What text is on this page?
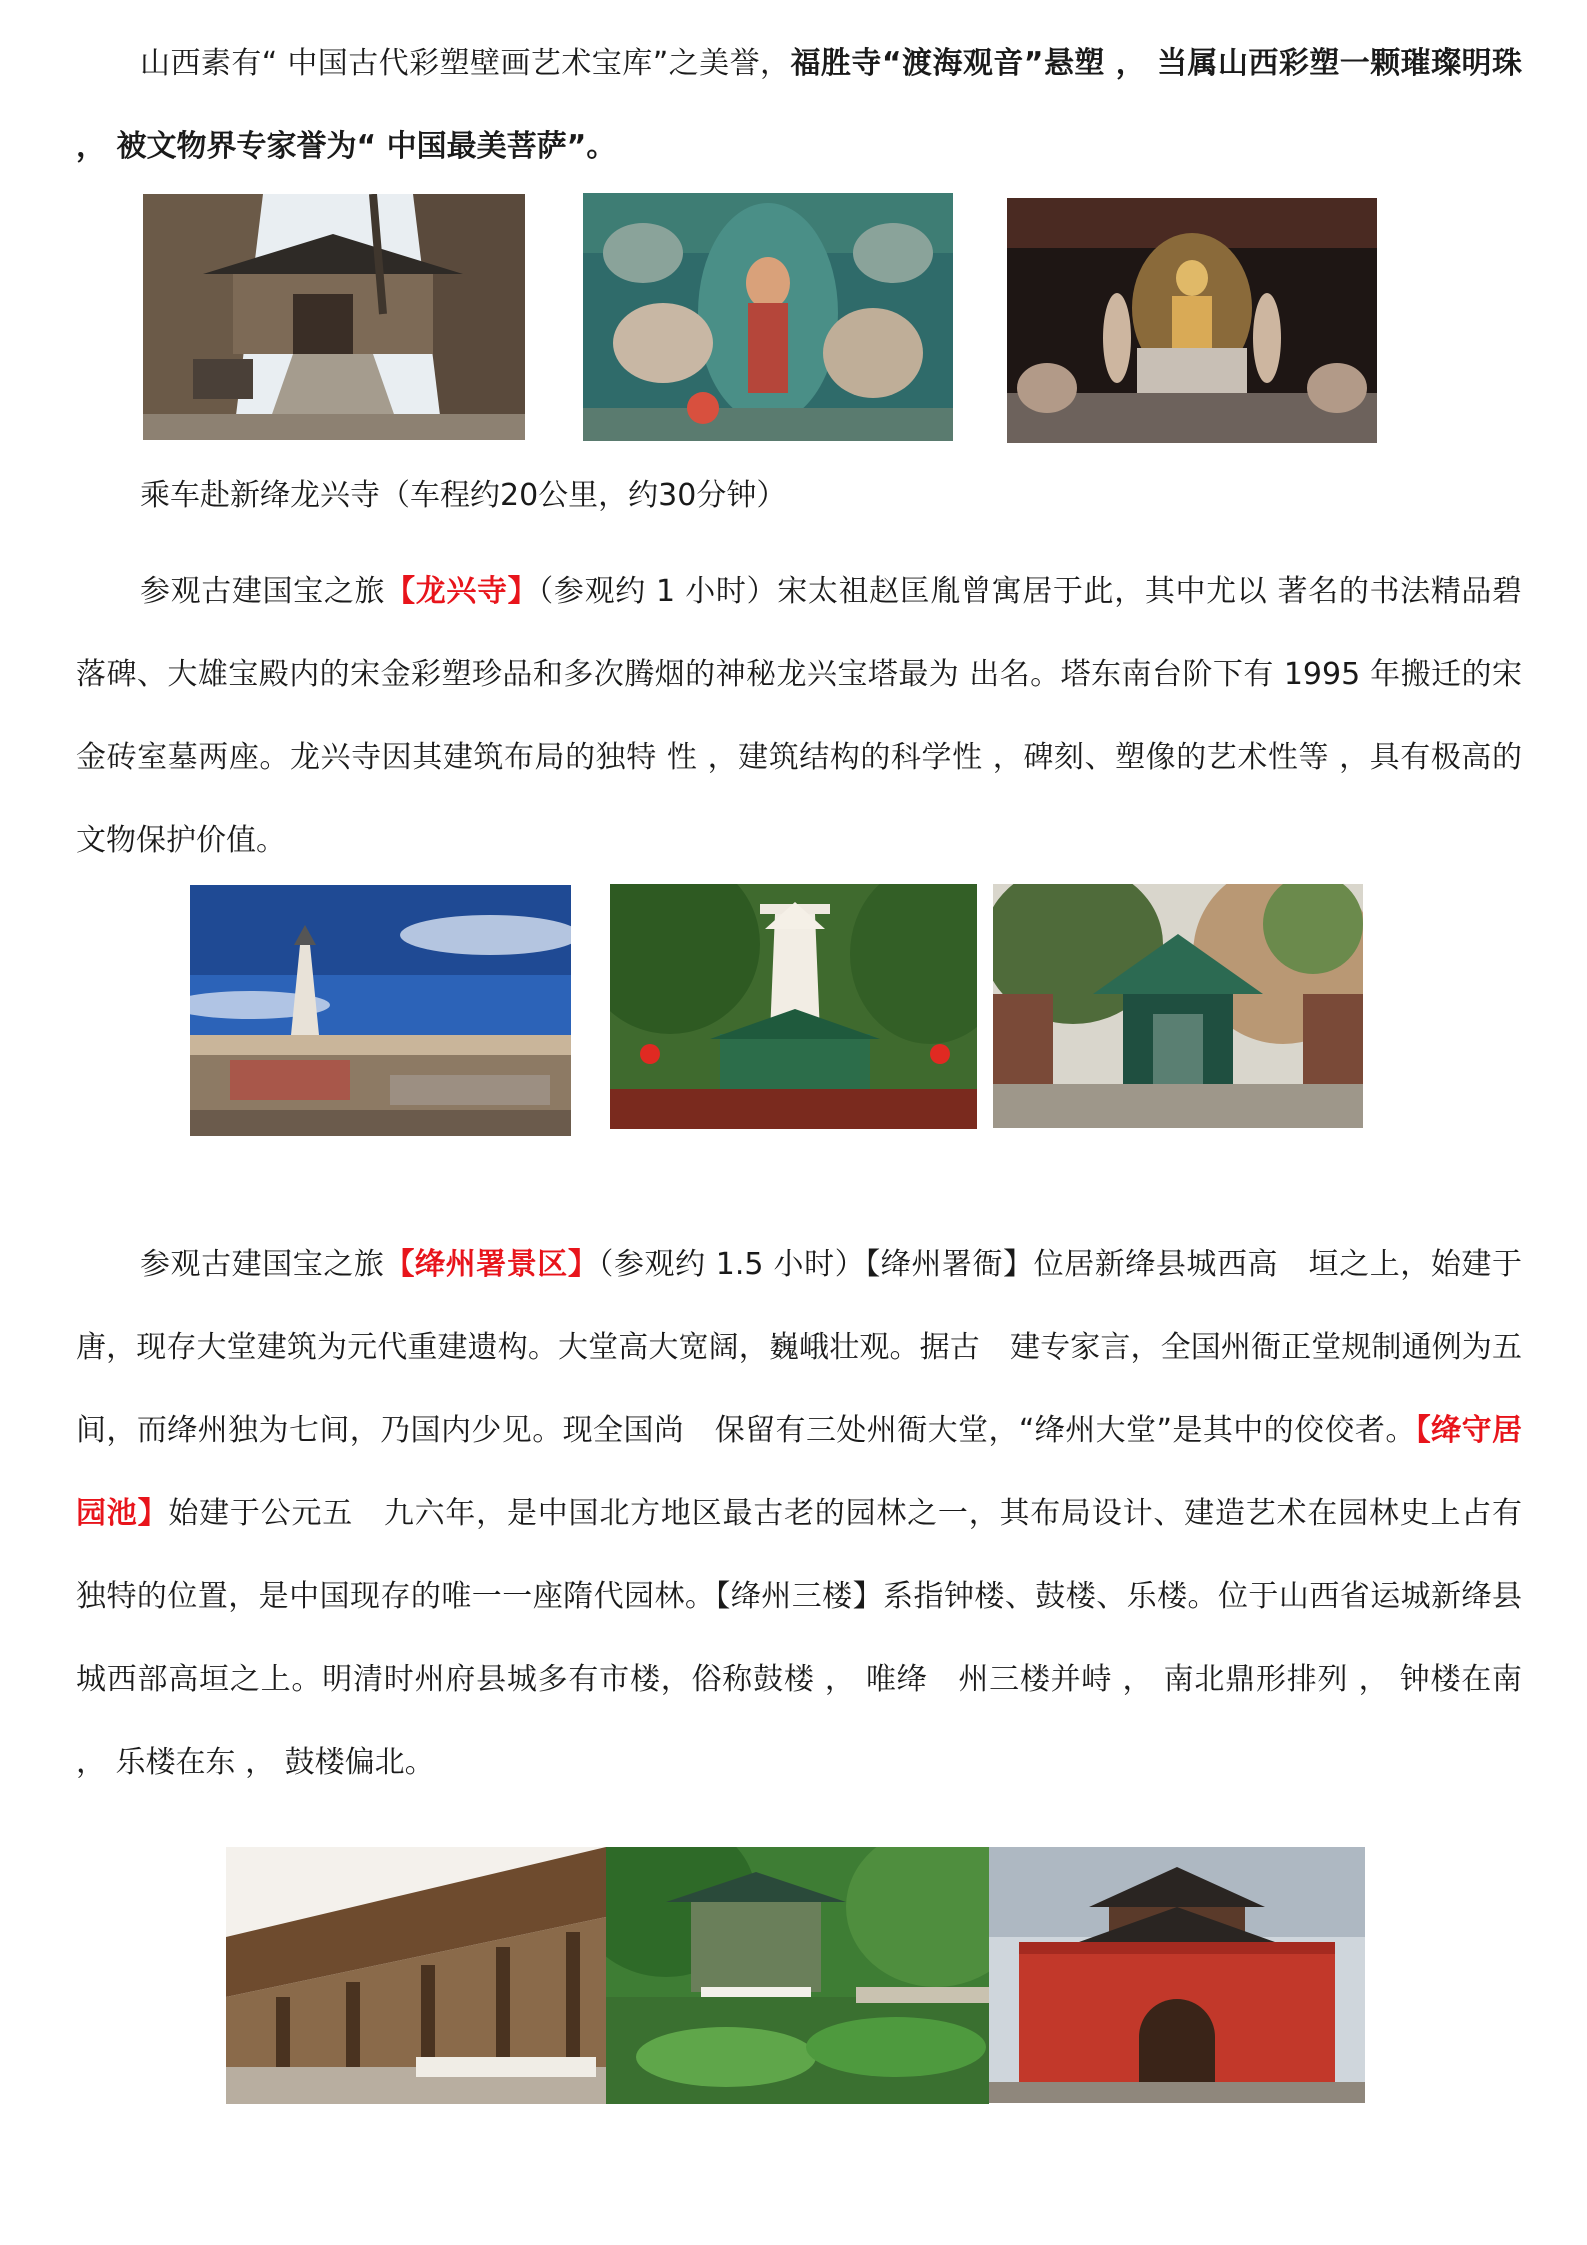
山西素有“ 中国古代彩塑壁画艺术宝库”之美誉，福胜寺“渡海观音”悬塑 ， 当属山西彩塑一颗璀璨明珠 ， 被文物界专家誉为“ 中国最美菩萨”。

乘车赴新绛龙兴寺（车程约20公里，约30分钟）

参观古建国宝之旅【龙兴寺】（参观约 1 小时）宋太祖赵匡胤曾寓居于此，其中尤以 著名的书法精品碧落碑、大雄宝殿内的宋金彩塑珍品和多次腾烟的神秘龙兴宝塔最为 出名。塔东南台阶下有 1995 年搬迁的宋金砖室墓两座。龙兴寺因其建筑布局的独特 性 ，建筑结构的科学性 ，碑刻、塑像的艺术性等 ，具有极高的文物保护价值。

参观古建国宝之旅【绛州署景区】（参观约 1.5 小时）【绛州署衙】位居新绛县城西高　垣之上，始建于唐，现存大堂建筑为元代重建遗构。大堂高大宽阔，巍峨壮观。据古　建专家言，全国州衙正堂规制通例为五间，而绛州独为七间，乃国内少见。现全国尚　保留有三处州衙大堂，“绛州大堂”是其中的佼佼者。【绛守居园池】始建于公元五　九六年，是中国北方地区最古老的园林之一，其布局设计、建造艺术在园林史上占有　独特的位置，是中国现存的唯一一座隋代园林。【绛州三楼】系指钟楼、鼓楼、乐楼。位于山西省运城新绛县城西部高垣之上。明清时州府县城多有市楼，俗称鼓楼 ， 唯绛　州三楼并峙 ， 南北鼎形排列 ， 钟楼在南 ， 乐楼在东 ， 鼓楼偏北。
